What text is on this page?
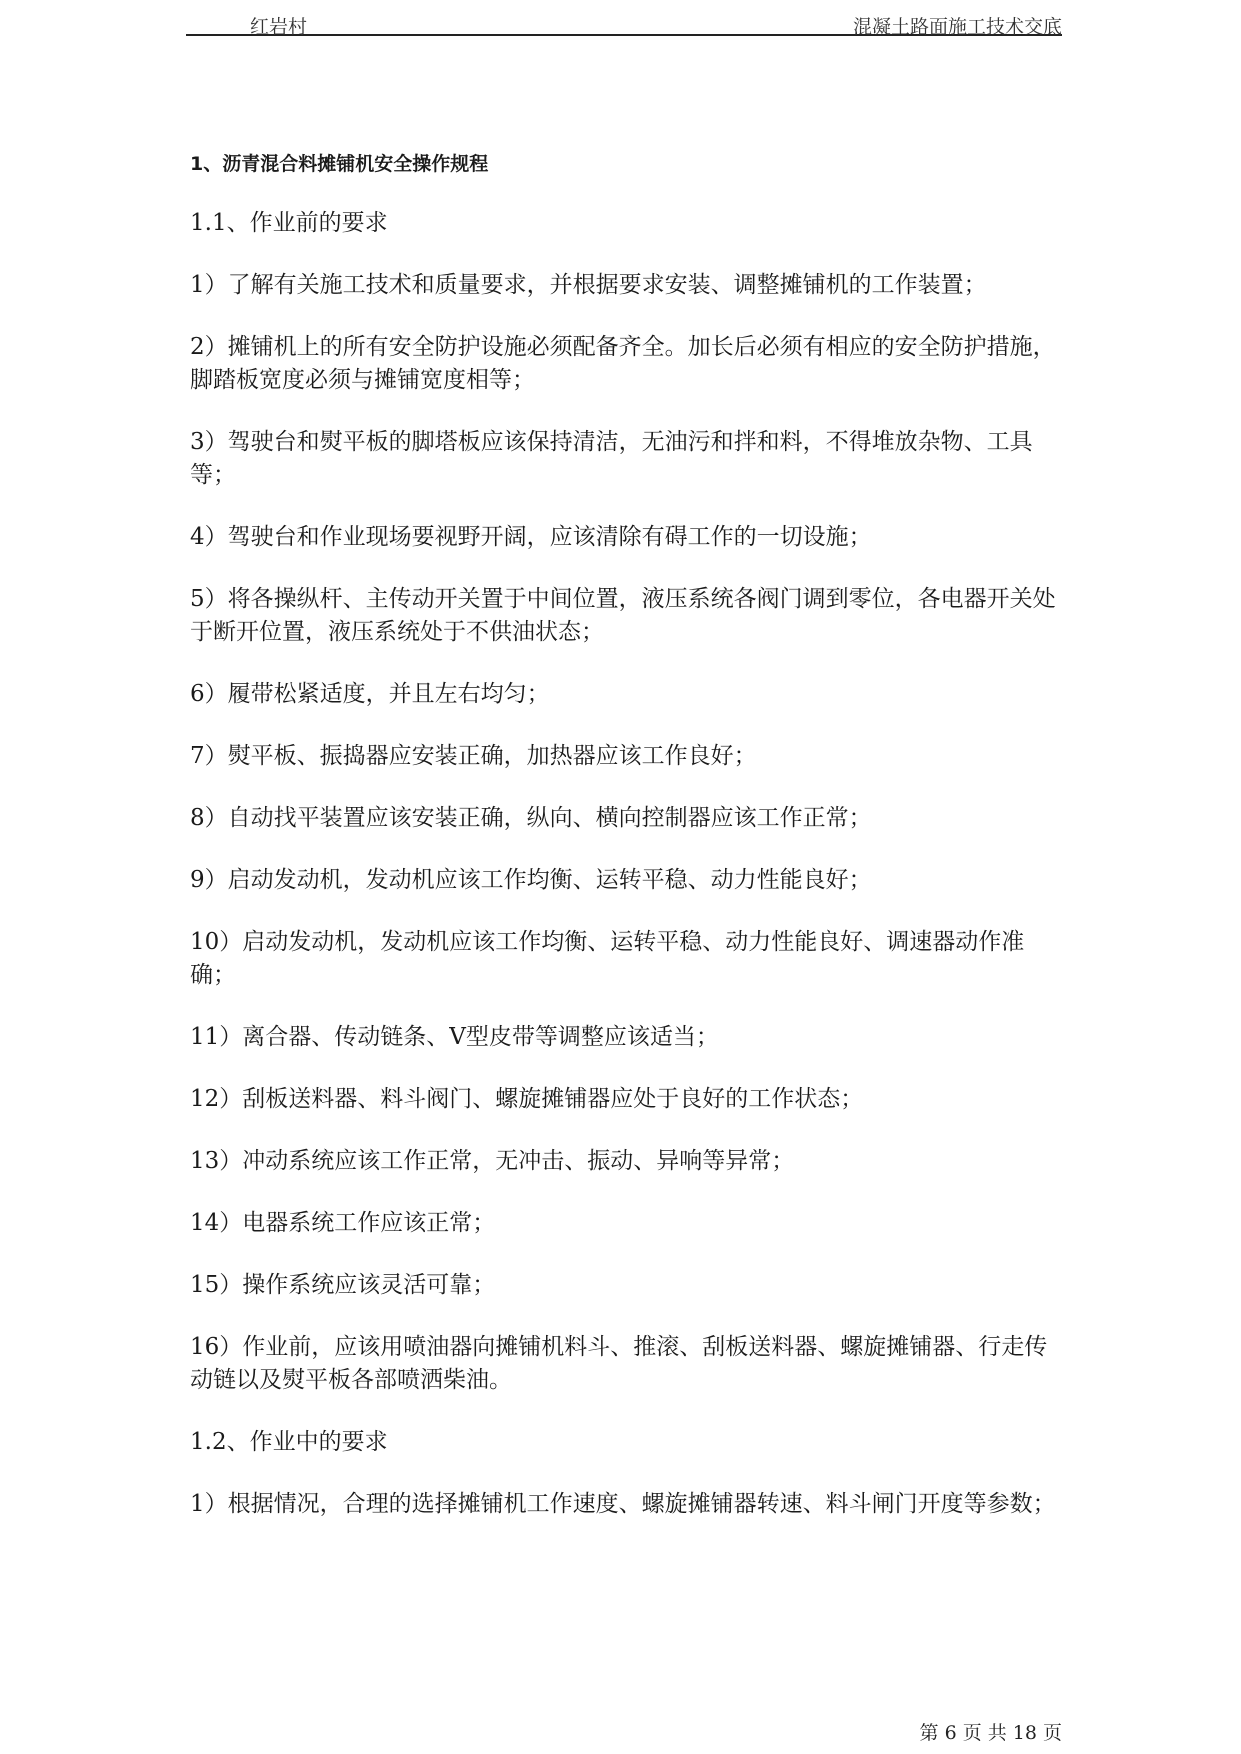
红岩村	混凝土路面施工技术交底

1、沥青混合料摊铺机安全操作规程

1.1、作业前的要求

1）了解有关施工技术和质量要求，并根据要求安装、调整摊铺机的工作装置；

2）摊铺机上的所有安全防护设施必须配备齐全。加长后必须有相应的安全防护措施，脚踏板宽度必须与摊铺宽度相等；

3）驾驶台和熨平板的脚塔板应该保持清洁，无油污和拌和料，不得堆放杂物、工具等；

4）驾驶台和作业现场要视野开阔，应该清除有碍工作的一切设施；

5）将各操纵杆、主传动开关置于中间位置，液压系统各阀门调到零位，各电器开关处于断开位置，液压系统处于不供油状态；

6）履带松紧适度，并且左右均匀；

7）熨平板、振捣器应安装正确，加热器应该工作良好；

8）自动找平装置应该安装正确，纵向、横向控制器应该工作正常；

9）启动发动机，发动机应该工作均衡、运转平稳、动力性能良好；

10）启动发动机，发动机应该工作均衡、运转平稳、动力性能良好、调速器动作准确；

11）离合器、传动链条、V型皮带等调整应该适当；

12）刮板送料器、料斗阀门、螺旋摊铺器应处于良好的工作状态；

13）冲动系统应该工作正常，无冲击、振动、异响等异常；

14）电器系统工作应该正常；

15）操作系统应该灵活可靠；

16）作业前，应该用喷油器向摊铺机料斗、推滚、刮板送料器、螺旋摊铺器、行走传动链以及熨平板各部喷洒柴油。

1.2、作业中的要求

1）根据情况，合理的选择摊铺机工作速度、螺旋摊铺器转速、料斗闸门开度等参数；

第 6 页 共 18 页
